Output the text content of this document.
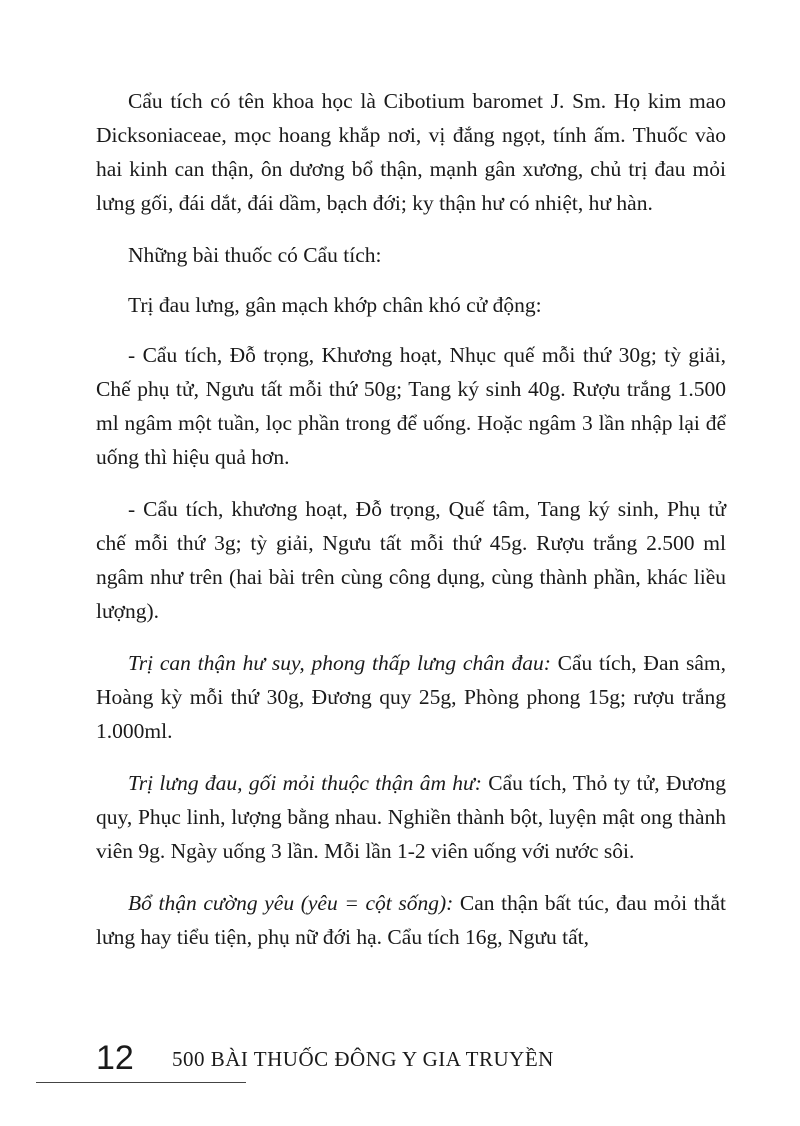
Cẩu tích có tên khoa học là Cibotium baromet J. Sm. Họ kim mao Dicksoniaceae, mọc hoang khắp nơi, vị đắng ngọt, tính ấm. Thuốc vào hai kinh can thận, ôn dương bổ thận, mạnh gân xương, chủ trị đau mỏi lưng gối, đái dắt, đái dầm, bạch đới; ky thận hư có nhiệt, hư hàn.

Những bài thuốc có Cẩu tích:

Trị đau lưng, gân mạch khớp chân khó cử động:

- Cẩu tích, Đỗ trọng, Khương hoạt, Nhục quế mỗi thứ 30g; tỳ giải, Chế phụ tử, Ngưu tất mỗi thứ 50g; Tang ký sinh 40g. Rượu trắng 1.500 ml ngâm một tuần, lọc phần trong để uống. Hoặc ngâm 3 lần nhập lại để uống thì hiệu quả hơn.

- Cẩu tích, khương hoạt, Đỗ trọng, Quế tâm, Tang ký sinh, Phụ tử chế mỗi thứ 3g; tỳ giải, Ngưu tất mỗi thứ 45g. Rượu trắng 2.500 ml ngâm như trên (hai bài trên cùng công dụng, cùng thành phần, khác liều lượng).

Trị can thận hư suy, phong thấp lưng chân đau: Cẩu tích, Đan sâm, Hoàng kỳ mỗi thứ 30g, Đương quy 25g, Phòng phong 15g; rượu trắng 1.000ml.

Trị lưng đau, gối mỏi thuộc thận âm hư: Cẩu tích, Thỏ ty tử, Đương quy, Phục linh, lượng bằng nhau. Nghiền thành bột, luyện mật ong thành viên 9g. Ngày uống 3 lần. Mỗi lần 1-2 viên uống với nước sôi.

Bổ thận cường yêu (yêu = cột sống): Can thận bất túc, đau mỏi thắt lưng hay tiểu tiện, phụ nữ đới hạ. Cẩu tích 16g, Ngưu tất,

12 500 BÀI THUỐC ĐÔNG Y GIA TRUYỀN
